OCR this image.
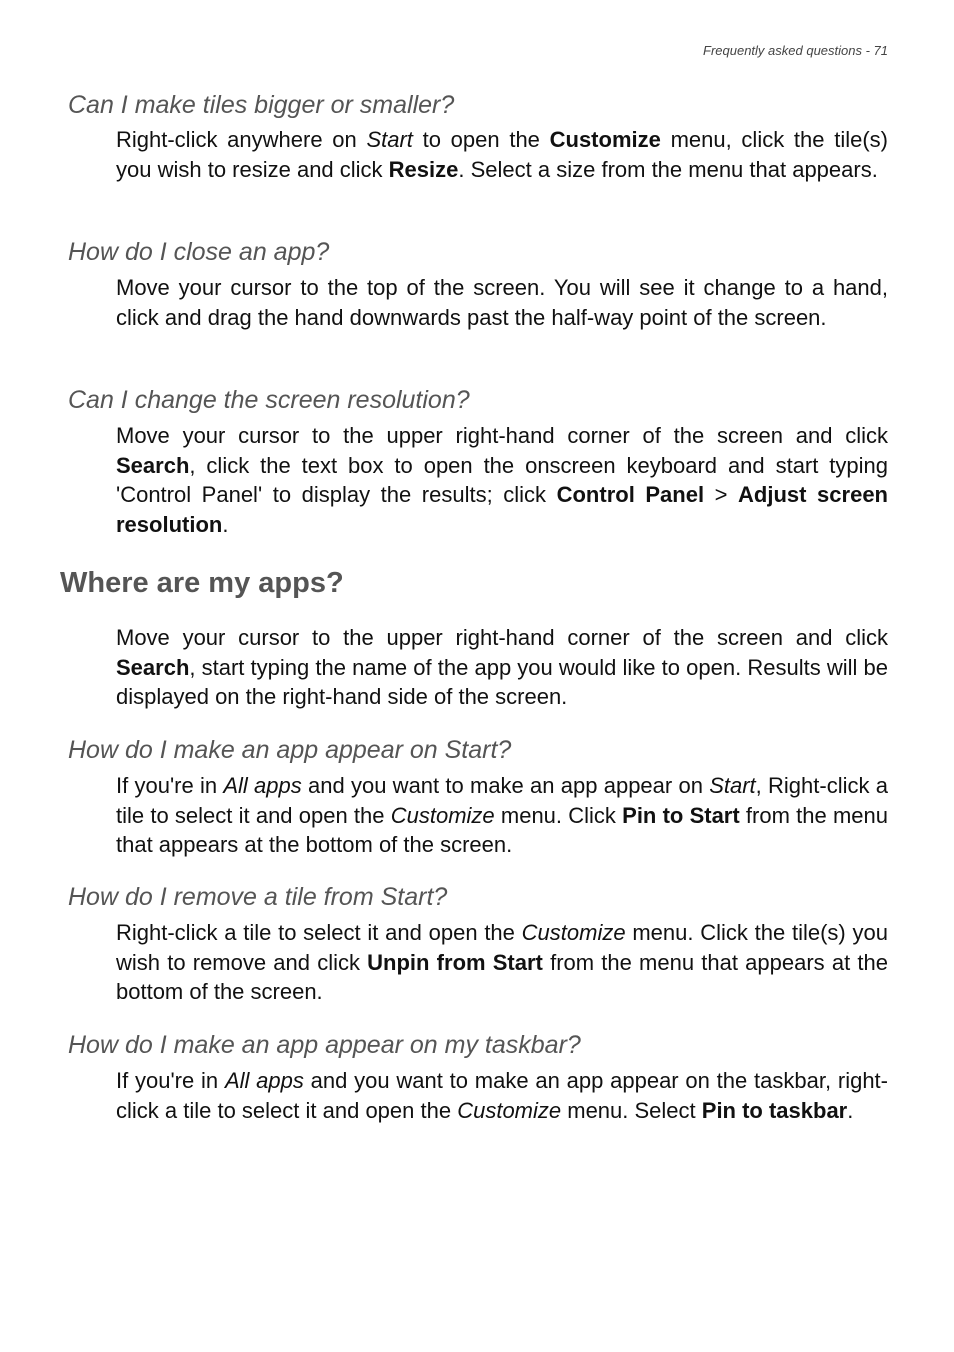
Frequently asked questions - 71
Can I make tiles bigger or smaller?

Right-click anywhere on Start to open the Customize menu, click the tile(s) you wish to resize and click Resize. Select a size from the menu that appears.

How do I close an app?

Move your cursor to the top of the screen. You will see it change to a hand, click and drag the hand downwards past the half-way point of the screen.

Can I change the screen resolution?

Move your cursor to the upper right-hand corner of the screen and click Search, click the text box to open the onscreen keyboard and start typing 'Control Panel' to display the results; click Control Panel > Adjust screen resolution.

Where are my apps?

Move your cursor to the upper right-hand corner of the screen and click Search, start typing the name of the app you would like to open. Results will be displayed on the right-hand side of the screen.

How do I make an app appear on Start?

If you're in All apps and you want to make an app appear on Start, Right-click a tile to select it and open the Customize menu. Click Pin to Start from the menu that appears at the bottom of the screen.

How do I remove a tile from Start?

Right-click a tile to select it and open the Customize menu. Click the tile(s) you wish to remove and click Unpin from Start from the menu that appears at the bottom of the screen.

How do I make an app appear on my taskbar?

If you're in All apps and you want to make an app appear on the taskbar, right-click a tile to select it and open the Customize menu. Select Pin to taskbar.
